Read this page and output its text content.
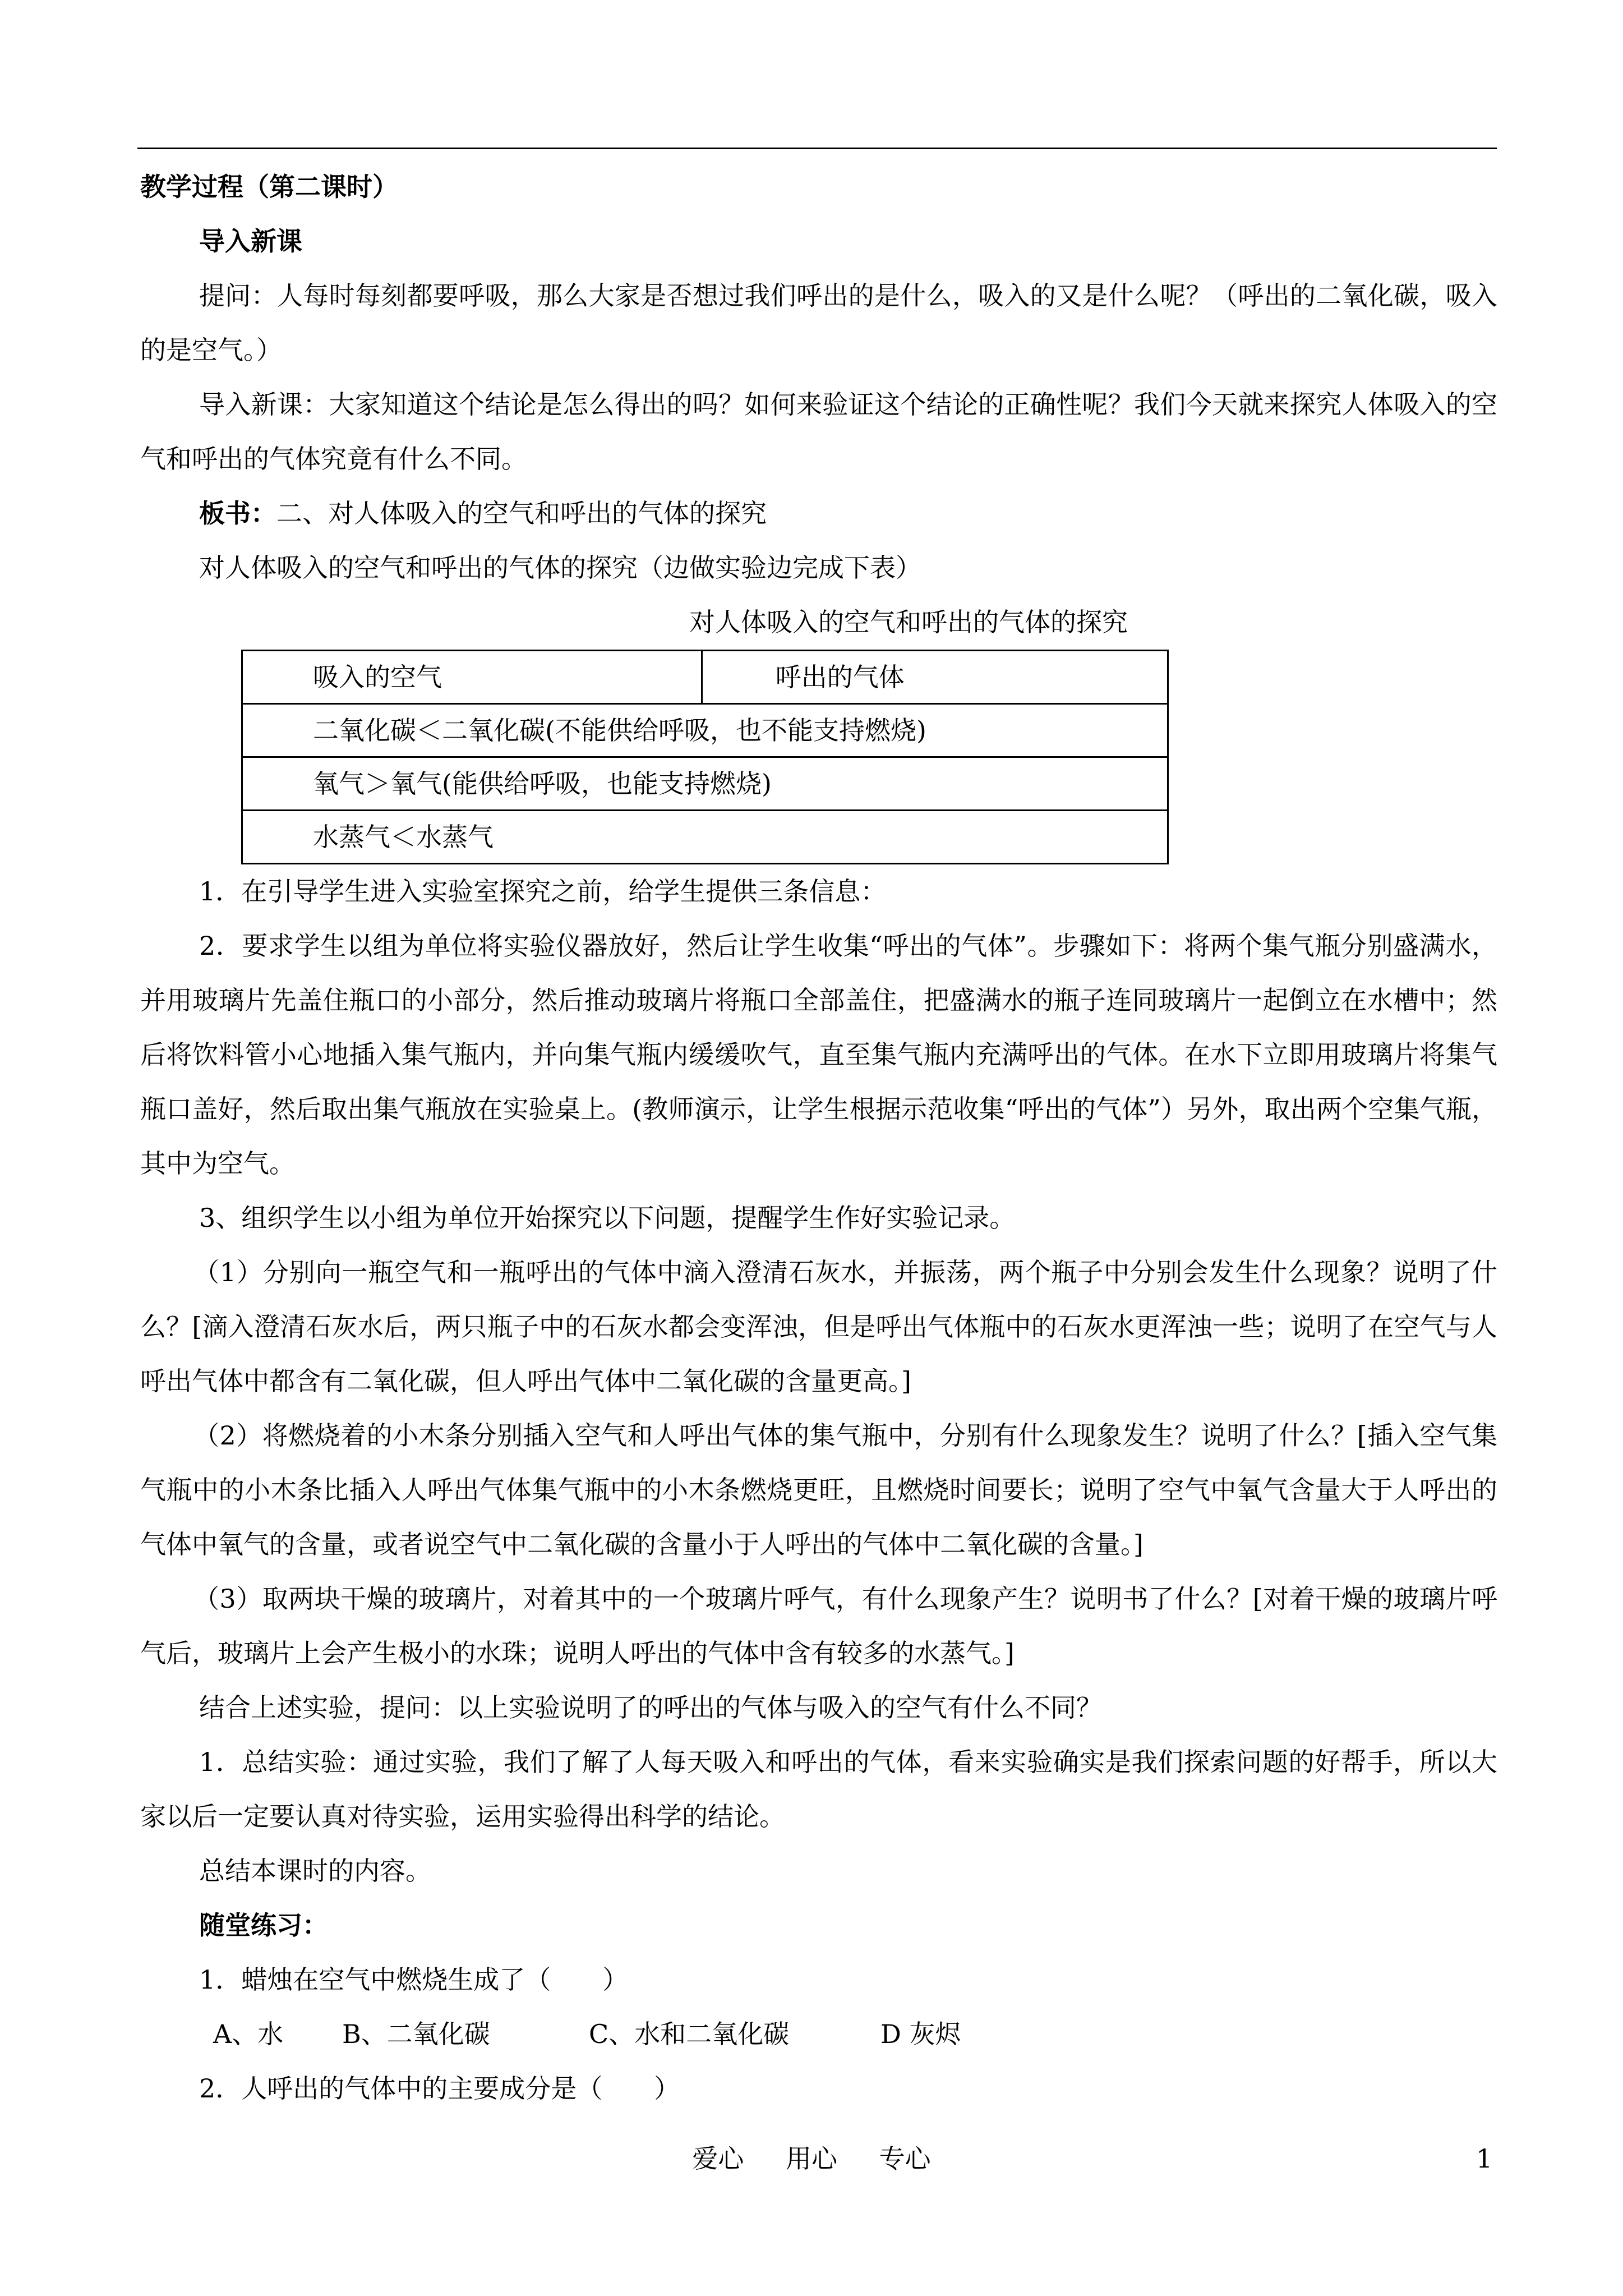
教学过程（第二课时）

导入新课

提问：人每时每刻都要呼吸，那么大家是否想过我们呼出的是什么，吸入的又是什么呢？（呼出的二氧化碳，吸入的是空气。）

导入新课：大家知道这个结论是怎么得出的吗？如何来验证这个结论的正确性呢？我们今天就来探究人体吸入的空气和呼出的气体究竟有什么不同。

板书：二、对人体吸入的空气和呼出的气体的探究

对人体吸入的空气和呼出的气体的探究（边做实验边完成下表）

对人体吸入的空气和呼出的气体的探究

吸入的空气	呼出的气体
二氧化碳＜二氧化碳(不能供给呼吸，也不能支持燃烧)
氧气＞氧气(能供给呼吸，也能支持燃烧)
水蒸气＜水蒸气

1．在引导学生进入实验室探究之前，给学生提供三条信息：

2．要求学生以组为单位将实验仪器放好，然后让学生收集“呼出的气体”。步骤如下：将两个集气瓶分别盛满水，并用玻璃片先盖住瓶口的小部分，然后推动玻璃片将瓶口全部盖住，把盛满水的瓶子连同玻璃片一起倒立在水槽中；然后将饮料管小心地插入集气瓶内，并向集气瓶内缓缓吹气，直至集气瓶内充满呼出的气体。在水下立即用玻璃片将集气瓶口盖好，然后取出集气瓶放在实验桌上。(教师演示，让学生根据示范收集“呼出的气体”）另外，取出两个空集气瓶，其中为空气。

3、组织学生以小组为单位开始探究以下问题，提醒学生作好实验记录。

（1）分别向一瓶空气和一瓶呼出的气体中滴入澄清石灰水，并振荡，两个瓶子中分别会发生什么现象？说明了什么？[滴入澄清石灰水后，两只瓶子中的石灰水都会变浑浊，但是呼出气体瓶中的石灰水更浑浊一些；说明了在空气与人呼出气体中都含有二氧化碳，但人呼出气体中二氧化碳的含量更高。]

（2）将燃烧着的小木条分别插入空气和人呼出气体的集气瓶中，分别有什么现象发生？说明了什么？[插入空气集气瓶中的小木条比插入人呼出气体集气瓶中的小木条燃烧更旺，且燃烧时间要长；说明了空气中氧气含量大于人呼出的气体中氧气的含量，或者说空气中二氧化碳的含量小于人呼出的气体中二氧化碳的含量。]

（3）取两块干燥的玻璃片，对着其中的一个玻璃片呼气，有什么现象产生？说明书了什么？[对着干燥的玻璃片呼气后，玻璃片上会产生极小的水珠；说明人呼出的气体中含有较多的水蒸气。]

结合上述实验，提问：以上实验说明了的呼出的气体与吸入的空气有什么不同？

1．总结实验：通过实验，我们了解了人每天吸入和呼出的气体，看来实验确实是我们探索问题的好帮手，所以大家以后一定要认真对待实验，运用实验得出科学的结论。

总结本课时的内容。

随堂练习：

1．蜡烛在空气中燃烧生成了（　　）

A、水 B、二氧化碳	C、水和二氧化碳	D 灰烬

2．人呼出的气体中的主要成分是（　　）

爱心 用心 专心	1
